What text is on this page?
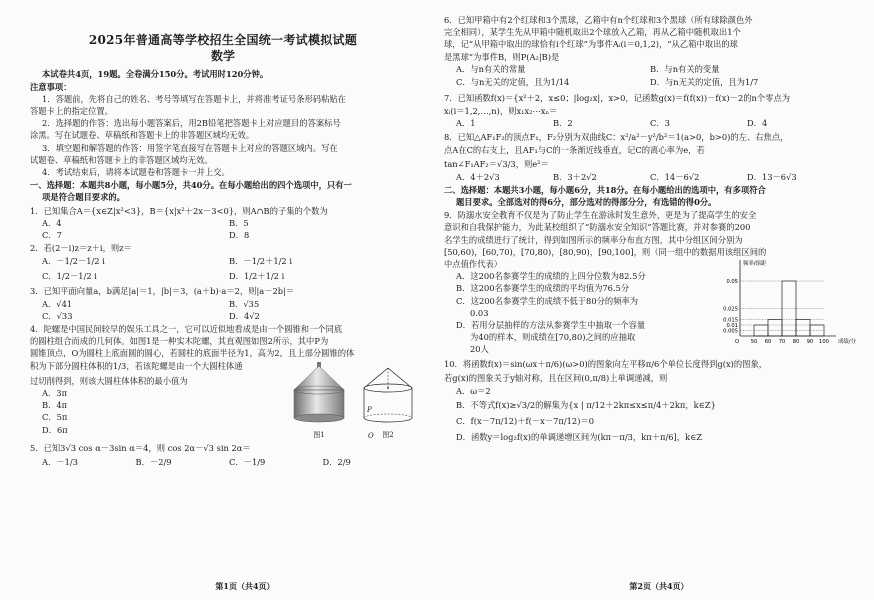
2025年普通高等学校招生全国统一考试模拟试题
数学
本试卷共4页，19题。全卷满分150分。考试用时120分钟。
注意事项：
1．答题前，先将自己的姓名、考号等填写在答题卡上，并将准考证号条形码粘贴在
答题卡上的指定位置。
2．选择题的作答：选出每小题答案后，用2B铅笔把答题卡上对应题目的答案标号
涂黑。写在试题卷、草稿纸和答题卡上的非答题区域均无效。
3．填空题和解答题的作答：用签字笔直接写在答题卡上对应的答题区域内。写在
试题卷、草稿纸和答题卡上的非答题区域均无效。
4．考试结束后，请将本试题卷和答题卡一并上交。
一、选择题：本题共8小题，每小题5分，共40分。在每小题给出的四个选项中，只有一
项是符合题目要求的。
1．已知集合A＝{x∈Z|x²<3}，B＝{x|x²＋2x－3<0}，则A∩B的子集的个数为
A．4	B．5
C．7	D．8
2．若(2－i)z＝z＋i，则z＝
A．－1/2－1/2 i	B．－1/2＋1/2 i
C．1/2－1/2 i	D．1/2＋1/2 i
3．已知平面向量a，b满足|a|＝1，|b|＝3，(a＋b)·a＝2，则|a－2b|＝
A．√41	B．√35
C．√33	D．4√2
4．陀螺是中国民间较早的娱乐工具之一，它可以近似地看成是由一个圆锥和一个同底
的圆柱组合而成的几何体。如图1是一种实木陀螺，其直观图如图2所示，其中P为
圆锥顶点，O为圆柱上底面圆的圆心，若圆柱的底面半径为1，高为2，且上部分圆锥的体
积为下部分圆柱体积的1/3，若该陀螺是由一个大圆柱体通
过切削得到，则该大圆柱体体积的最小值为
A．3π
B．4π
C．5π
D．6π
图1	图2
P
O
5．已知3√3 cos α－3sin α＝4，则 cos 2α－√3 sin 2α＝
A．－1/3	B．－2/9	C．－1/9	D．2/9
第1页（共4页）
6．已知甲箱中有2个红球和3个黑球，乙箱中有n个红球和3个黑球（所有球除颜色外
完全相同），某学生先从甲箱中随机取出2个球放入乙箱，再从乙箱中随机取出1个
球，记“从甲箱中取出的球恰有i个红球”为事件Aᵢ(i＝0,1,2)，“从乙箱中取出的球
是黑球”为事件B，则P(A₂|B)是
A．与n有关的常量	B．与n有关的变量
C．与n无关的定值，且为1/14	D．与n无关的定值，且为1/7
7．已知函数f(x)＝{x²＋2，x≤0；|log₂x|，x>0，记函数g(x)＝f(f(x))－f(x)－2的n个零点为
xᵢ(i＝1,2,…,n)，则x₁x₂⋯xₙ＝
A．1	B．2	C．3	D．4
8．已知△AF₁F₂的顶点F₁，F₂分别为双曲线C：x²/a²－y²/b²＝1(a>0，b>0)的左、右焦点，
点A在C的右支上，且AF₁与C的一条渐近线垂直，记C的离心率为e，若
tan∠F₁AF₂＝√3/3，则e²＝
A．4＋2√3	B．3＋2√2	C．14－6√2	D．13－6√3
二、选择题：本题共3小题，每小题6分，共18分。在每小题给出的选项中，有多项符合
题目要求。全部选对的得6分，部分选对的得部分分，有选错的得0分。
9．防溺水安全教育不仅是为了防止学生在游泳时发生意外，更是为了提高学生的安全
意识和自我保护能力，为此某校组织了“防溺水安全知识”答题比赛，并对参赛的200
名学生的成绩进行了统计，得到如图所示的频率分布直方图，其中分组区间分别为
[50,60)，[60,70)，[70,80)，[80,90)，[90,100]，则（同一组中的数据用该组区间的
中点值作代表）
A．这200名参赛学生的成绩的上四分位数为82.5分
B．这200名参赛学生的成绩的平均值为76.5分
C．这200名参赛学生的成绩不低于80分的频率为
0.03
D．若用分层抽样的方法从参赛学生中抽取一个容量
为40的样本，则成绩在[70,80)之间的应抽取
20人
0.05
0.025
0.015
0.01
0.005
O 50 60 70 80 90 100 成绩/分
频率/组距
10．将函数f(x)＝sin(ωx＋π/6)(ω>0)的图象向左平移π/6个单位长度得到g(x)的图象，
若g(x)的图象关于y轴对称，且在区间(0,π/8)上单调递减，则
A．ω＝2
B．不等式f(x)≥√3/2的解集为{x | π/12＋2kπ≤x≤π/4＋2kπ，k∈Z}
C．f(x－7π/12)＋f(－x－7π/12)＝0
D．函数y＝log₂f(x)的单调递增区间为(kπ－π/3，kπ＋π/6]，k∈Z
第2页（共4页）
